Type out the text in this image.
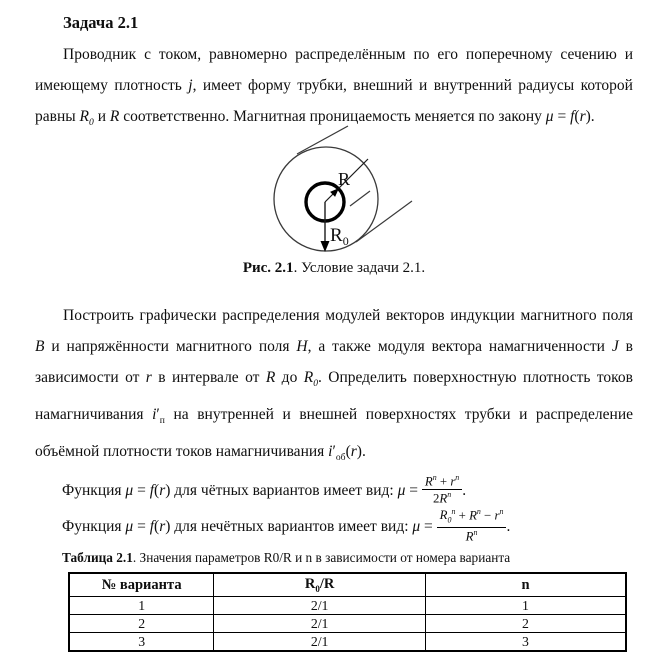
Задача 2.1

Проводник с током, равномерно распределённым по его поперечному сечению и имеющему плотность j, имеет форму трубки, внешний и внутренний радиусы которой равны $R_0$ и R соответственно. Магнитная проницаемость меняется по закону μ = f(r).

R
$R_0$
Рис. 2.1. Условие задачи 2.1.

Построить графически распределения модулей векторов индукции магнитного поля B и напряжённости магнитного поля H, а также модуля вектора намагниченности J в зависимости от r в интервале от R до $R_0$. Определить поверхностную плотность токов намагничивания $i'_п$ на внутренней и внешней поверхностях трубки и распределение объёмной плотности токов намагничивания $i'_{об}(r)$.

Функция μ = f(r) для чётных вариантов имеет вид: $\mu = \frac{R^n + r^n}{2R^n}$ .
Функция μ = f(r) для нечётных вариантов имеет вид: $\mu = \frac{R_0^n + R^n - r^n}{R^n}$ .
Таблица 2.1. Значения параметров R0/R и n в зависимости от номера варианта
№ варианта	$R_0/R$	n
1	2/1	1
2	2/1	2
3	2/1	3
